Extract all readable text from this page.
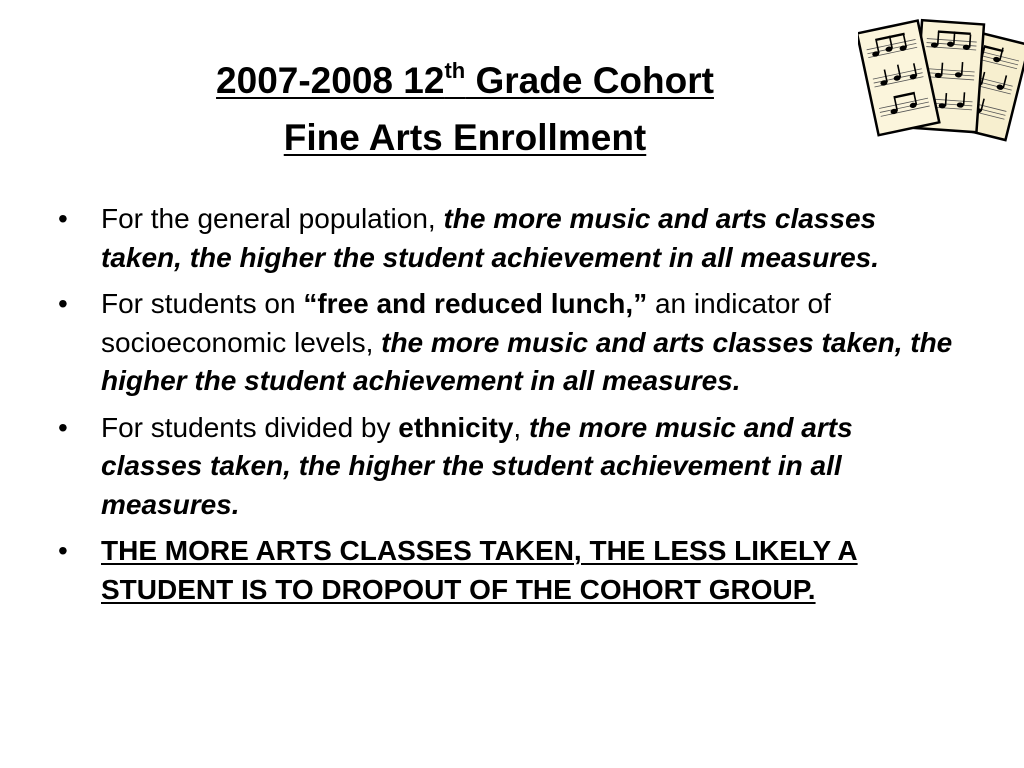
2007-2008 12th Grade Cohort
Fine Arts Enrollment
•	For the general population, the more music and arts classes taken, the higher the student achievement in all measures.
•	For students on “free and reduced lunch,” an indicator of socioeconomic levels, the more music and arts classes taken, the higher the student achievement in all measures.
•	For students divided by ethnicity, the more music and arts classes taken, the higher the student achievement in all measures.
•	THE MORE ARTS CLASSES TAKEN, THE LESS LIKELY A STUDENT IS TO DROPOUT OF THE COHORT GROUP.
